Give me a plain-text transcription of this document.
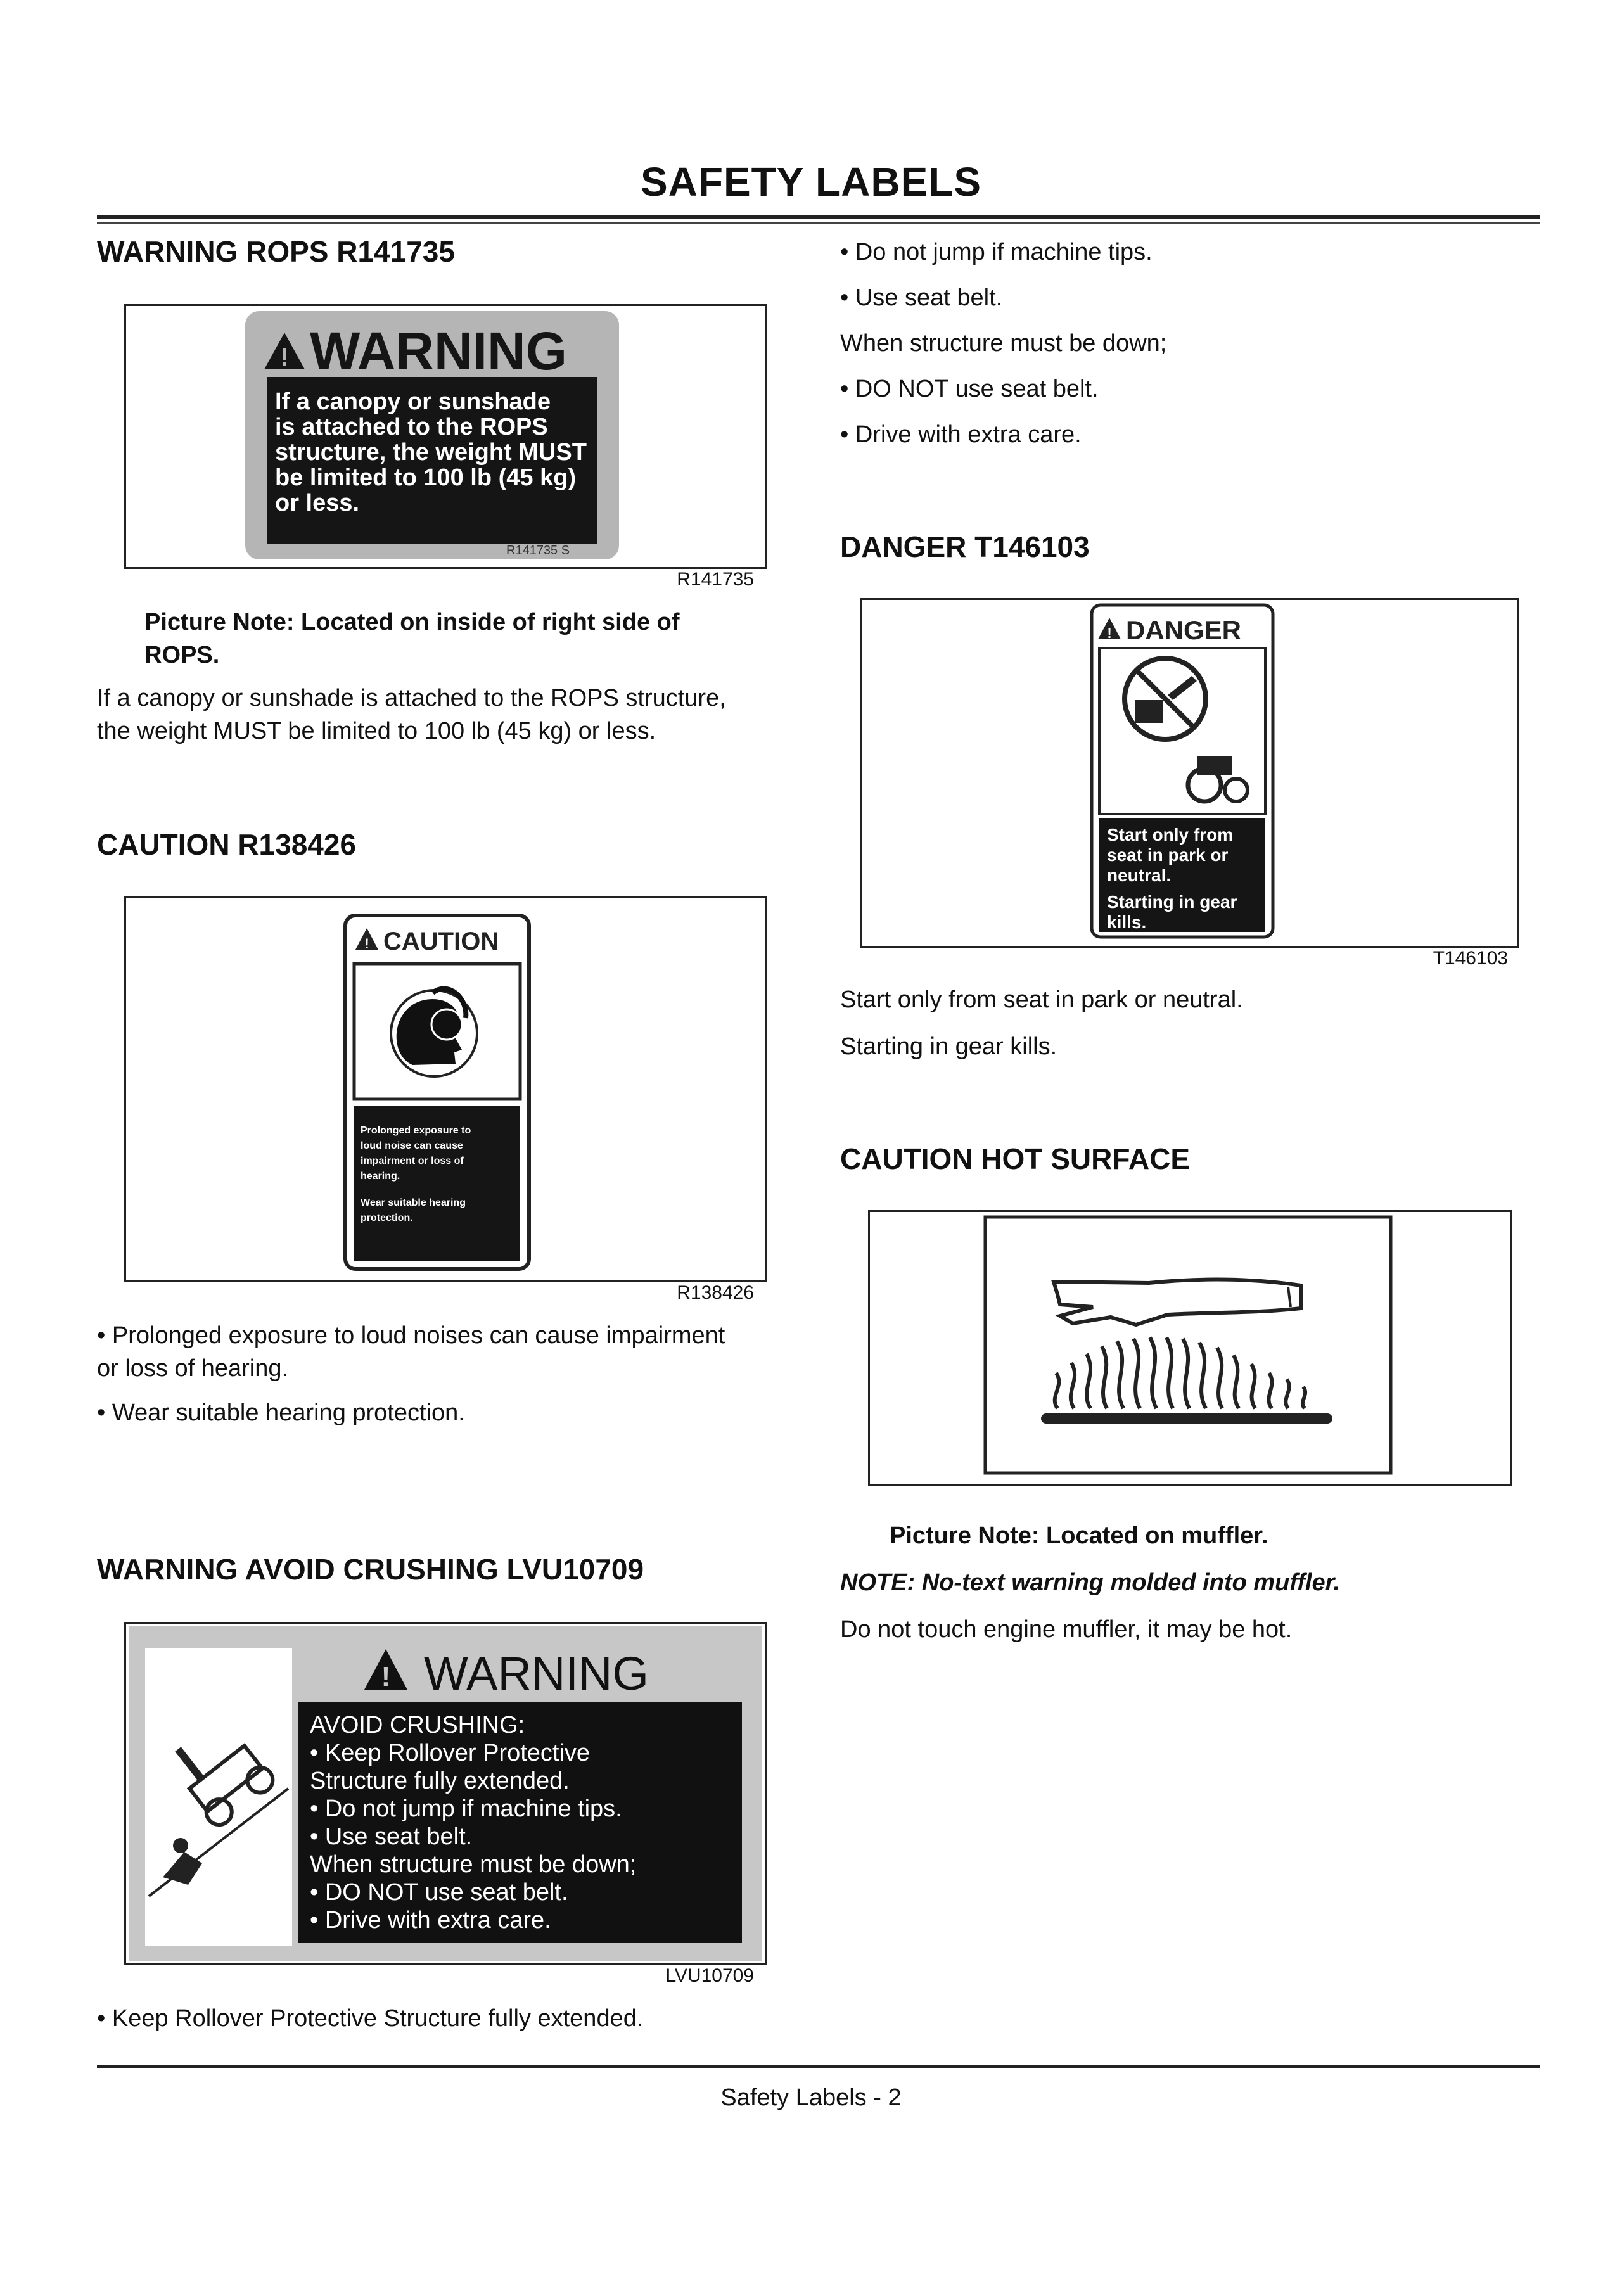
SAFETY LABELS
WARNING ROPS R141735
! WARNING
If a canopy or sunshade
is attached to the ROPS
structure, the weight MUST
be limited to 100 lb (45 kg)
or less.
R141735 S
R141735
Picture Note: Located on inside of right side of
ROPS.
If a canopy or sunshade is attached to the ROPS structure,
the weight MUST be limited to 100 lb (45 kg) or less.
CAUTION R138426
! CAUTION
Prolonged exposure to
loud noise can cause
impairment or loss of
hearing.
Wear suitable hearing
protection.
R138426
• Prolonged exposure to loud noises can cause impairment
or loss of hearing.
• Wear suitable hearing protection.
WARNING AVOID CRUSHING LVU10709
! WARNING
AVOID CRUSHING:
• Keep Rollover Protective
Structure fully extended.
• Do not jump if machine tips.
• Use seat belt.
When structure must be down;
• DO NOT use seat belt.
• Drive with extra care.
LVU10709
• Keep Rollover Protective Structure fully extended.
• Do not jump if machine tips.
• Use seat belt.
When structure must be down;
• DO NOT use seat belt.
• Drive with extra care.
DANGER T146103
! DANGER
Start only from
seat in park or
neutral.
Starting in gear
kills.
T146103
Start only from seat in park or neutral.
Starting in gear kills.
CAUTION HOT SURFACE
Picture Note: Located on muffler.
NOTE: No-text warning molded into muffler.
Do not touch engine muffler, it may be hot.
Safety Labels - 2
